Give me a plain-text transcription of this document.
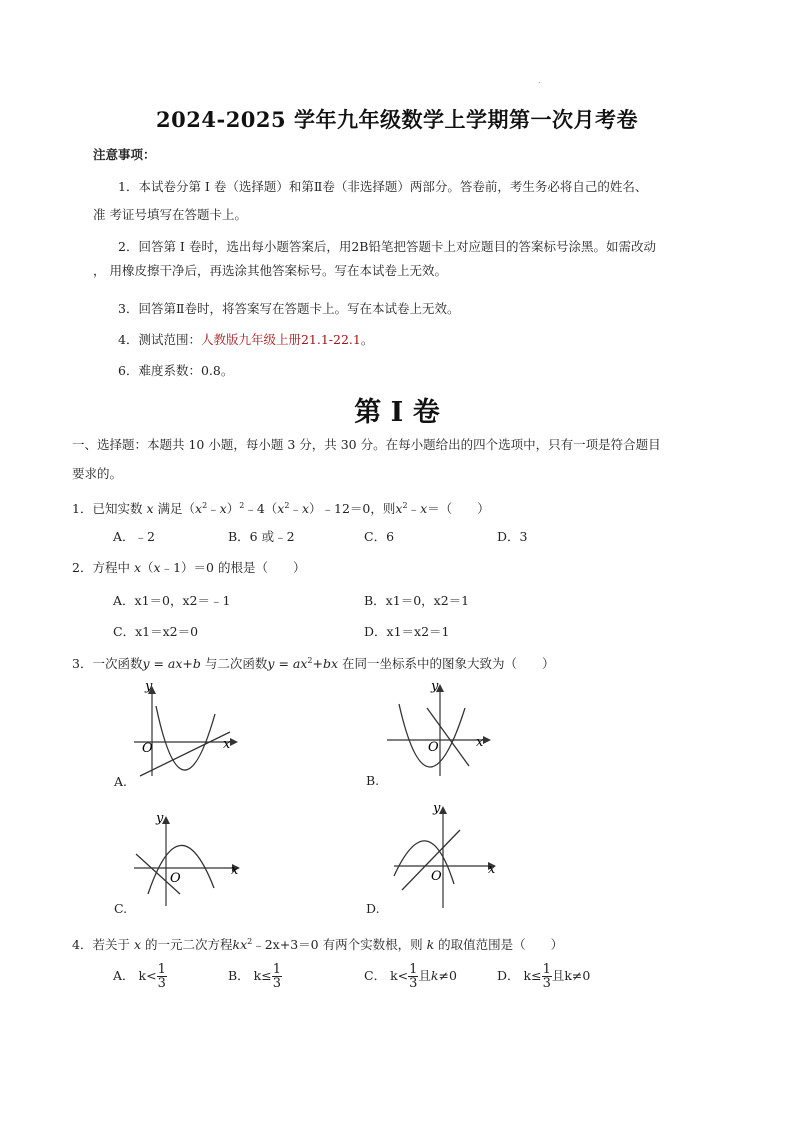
.
2024-2025 学年九年级数学上学期第一次月考卷
注意事项：
1．本试卷分第 I 卷（选择题）和第Ⅱ卷（非选择题）两部分。答卷前，考生务必将自己的姓名、
准 考证号填写在答题卡上。
2．回答第 I 卷时，选出每小题答案后，用2B铅笔把答题卡上对应题目的答案标号涂黑。如需改动
， 用橡皮擦干净后，再选涂其他答案标号。写在本试卷上无效。
3．回答第Ⅱ卷时，将答案写在答题卡上。写在本试卷上无效。
4．测试范围：人教版九年级上册21.1-22.1。
6．难度系数：0.8。
第 I 卷
一、选择题：本题共 10 小题，每小题 3 分，共 30 分。在每小题给出的四个选项中，只有一项是符合题目
要求的。
1．已知实数 x 满足$(x^2﹣x)^2﹣4(x^2﹣x)﹣12=0$，则$x^2﹣x=$（　　）
A．﹣2	B．6 或﹣2	C．6	D．3
2．方程中 x（x﹣1）＝0 的根是（　　）
A．x1＝0，x2＝﹣1	B．x1＝0，x2＝1
C．x1＝x2＝0	D．x1＝x2＝1
3．一次函数y = ax+b 与二次函数$y = ax^2+bx$ 在同一坐标系中的图象大致为（　　）
y
x
O
A.
y
x
O
B.
y
x
O
C.
y
x
O
D.
4．若关于 x 的一元二次方程$kx^2﹣2x+3=0$ 有两个实数根，则 k 的取值范围是（　　）
A． $k< \frac{1}{3}$	B． $k\le \frac{1}{3}$	C． $k< \frac{1}{3}$ 且k≠0	D． $k\le \frac{1}{3}$ 且k≠0
